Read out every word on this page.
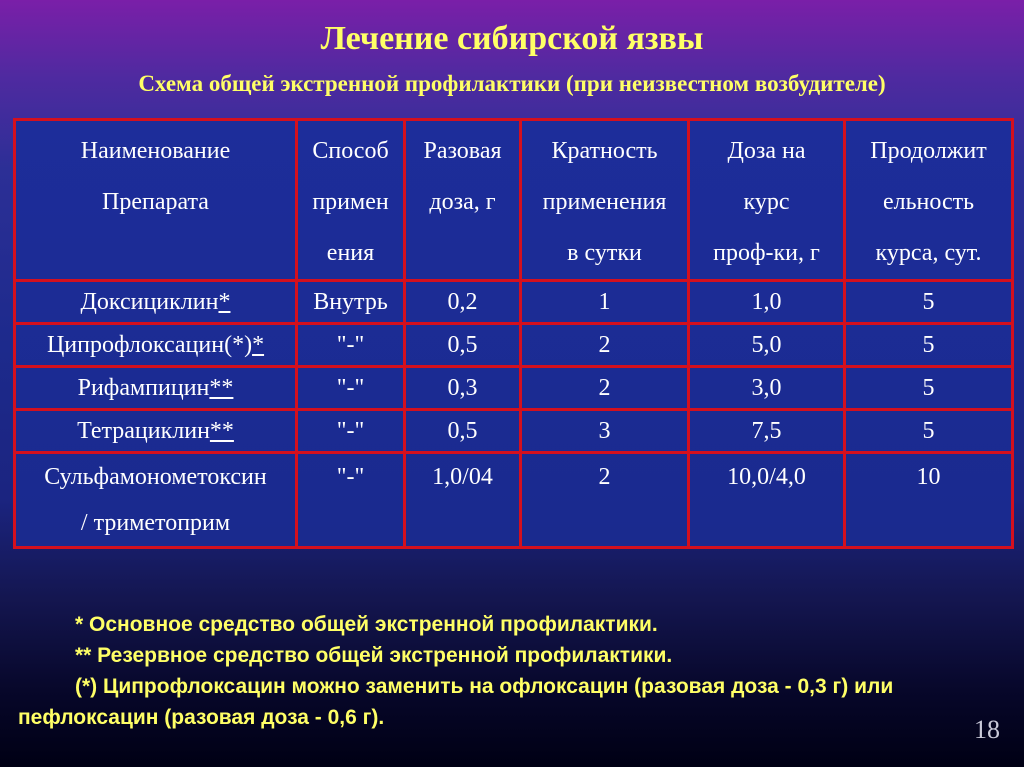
Лечение сибирской язвы
Схема общей экстренной профилактики (при неизвестном возбудителе)
Наименование
Препарата	Способ
примен
ения	Разовая
доза, г	Кратность
применения
в сутки	Доза на
курс
проф-ки, г	Продолжит
ельность
курса, сут.

Доксициклин*	Внутрь	0,2	1	1,0	5
Ципрофлоксацин(*)*	"-"	0,5	2	5,0	5
Рифампицин**	"-"	0,3	2	3,0	5
Тетрациклин**	"-"	0,5	3	7,5	5

Сульфамонометоксин
/ триметоприм	"-"	1,0/04	2	10,0/4,0	10

* Основное средство общей экстренной профилактики.

** Резервное средство общей экстренной профилактики.

(*) Ципрофлоксацин можно заменить на офлоксацин (разовая доза - 0,3 г) или пефлоксацин (разовая доза - 0,6 г).	18
